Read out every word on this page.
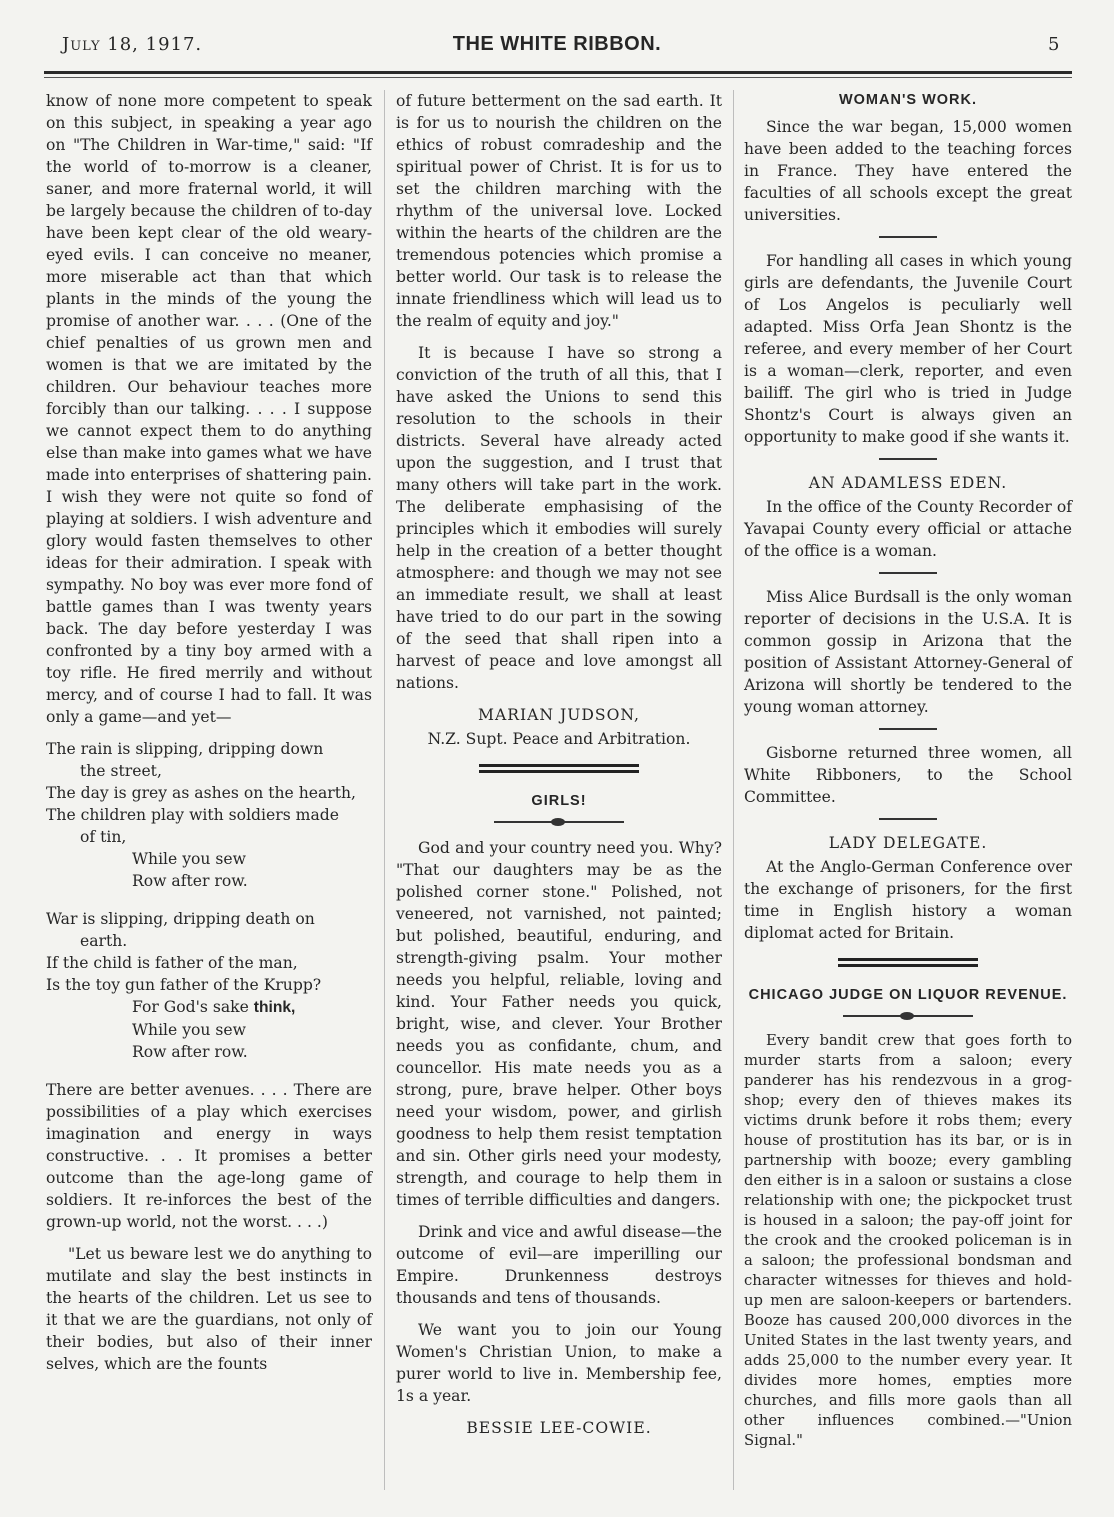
July 18, 1917.	THE WHITE RIBBON.	5

know of none more competent to speak on this subject, in speaking a year ago on "The Children in War-time," said: "If the world of to-morrow is a cleaner, saner, and more fraternal world, it will be largely because the children of to-day have been kept clear of the old weary-eyed evils. I can conceive no meaner, more miserable act than that which plants in the minds of the young the promise of another war. . . . (One of the chief penalties of us grown men and women is that we are imitated by the children. Our behaviour teaches more forcibly than our talking. . . . I suppose we cannot expect them to do anything else than make into games what we have made into enterprises of shattering pain. I wish they were not quite so fond of playing at soldiers. I wish adventure and glory would fasten themselves to other ideas for their admiration. I speak with sympathy. No boy was ever more fond of battle games than I was twenty years back. The day before yesterday I was confronted by a tiny boy armed with a toy rifle. He fired merrily and without mercy, and of course I had to fall. It was only a game—and yet—

The rain is slipping, dripping down
the street,
The day is grey as ashes on the hearth,
The children play with soldiers made
of tin,
While you sew
Row after row.
War is slipping, dripping death on
earth.
If the child is father of the man,
Is the toy gun father of the Krupp?
For God's sake think,
While you sew
Row after row.

There are better avenues. . . . There are possibilities of a play which exercises imagination and energy in ways constructive. . . It promises a better outcome than the age-long game of soldiers. It re-inforces the best of the grown-up world, not the worst. . . .)

"Let us beware lest we do anything to mutilate and slay the best instincts in the hearts of the children. Let us see to it that we are the guardians, not only of their bodies, but also of their inner selves, which are the founts

of future betterment on the sad earth. It is for us to nourish the children on the ethics of robust comradeship and the spiritual power of Christ. It is for us to set the children marching with the rhythm of the universal love. Locked within the hearts of the children are the tremendous potencies which promise a better world. Our task is to release the innate friendliness which will lead us to the realm of equity and joy."

It is because I have so strong a conviction of the truth of all this, that I have asked the Unions to send this resolution to the schools in their districts. Several have already acted upon the suggestion, and I trust that many others will take part in the work. The deliberate emphasising of the principles which it embodies will surely help in the creation of a better thought atmosphere: and though we may not see an immediate result, we shall at least have tried to do our part in the sowing of the seed that shall ripen into a harvest of peace and love amongst all nations.

MARIAN JUDSON,
N.Z. Supt. Peace and Arbitration.
GIRLS!

God and your country need you. Why? "That our daughters may be as the polished corner stone." Polished, not veneered, not varnished, not painted; but polished, beautiful, enduring, and strength-giving psalm. Your mother needs you helpful, reliable, loving and kind. Your Father needs you quick, bright, wise, and clever. Your Brother needs you as confidante, chum, and councellor. His mate needs you as a strong, pure, brave helper. Other boys need your wisdom, power, and girlish goodness to help them resist temptation and sin. Other girls need your modesty, strength, and courage to help them in times of terrible difficulties and dangers.

Drink and vice and awful disease—the outcome of evil—are imperilling our Empire. Drunkenness destroys thousands and tens of thousands.

We want you to join our Young Women's Christian Union, to make a purer world to live in. Membership fee, 1s a year.

BESSIE LEE-COWIE.
WOMAN'S WORK.

Since the war began, 15,000 women have been added to the teaching forces in France. They have entered the faculties of all schools except the great universities.

For handling all cases in which young girls are defendants, the Juvenile Court of Los Angelos is peculiarly well adapted. Miss Orfa Jean Shontz is the referee, and every member of her Court is a woman—clerk, reporter, and even bailiff. The girl who is tried in Judge Shontz's Court is always given an opportunity to make good if she wants it.

AN ADAMLESS EDEN.

In the office of the County Recorder of Yavapai County every official or attache of the office is a woman.

Miss Alice Burdsall is the only woman reporter of decisions in the U.S.A. It is common gossip in Arizona that the position of Assistant Attorney-General of Arizona will shortly be tendered to the young woman attorney.

Gisborne returned three women, all White Ribboners, to the School Committee.

LADY DELEGATE.

At the Anglo-German Conference over the exchange of prisoners, for the first time in English history a woman diplomat acted for Britain.

CHICAGO JUDGE ON LIQUOR REVENUE.

Every bandit crew that goes forth to murder starts from a saloon; every panderer has his rendezvous in a grog-shop; every den of thieves makes its victims drunk before it robs them; every house of prostitution has its bar, or is in partnership with booze; every gambling den either is in a saloon or sustains a close relationship with one; the pickpocket trust is housed in a saloon; the pay-off joint for the crook and the crooked policeman is in a saloon; the professional bondsman and character witnesses for thieves and hold-up men are saloon-keepers or bartenders. Booze has caused 200,000 divorces in the United States in the last twenty years, and adds 25,000 to the number every year. It divides more homes, empties more churches, and fills more gaols than all other influences combined.—"Union Signal."
